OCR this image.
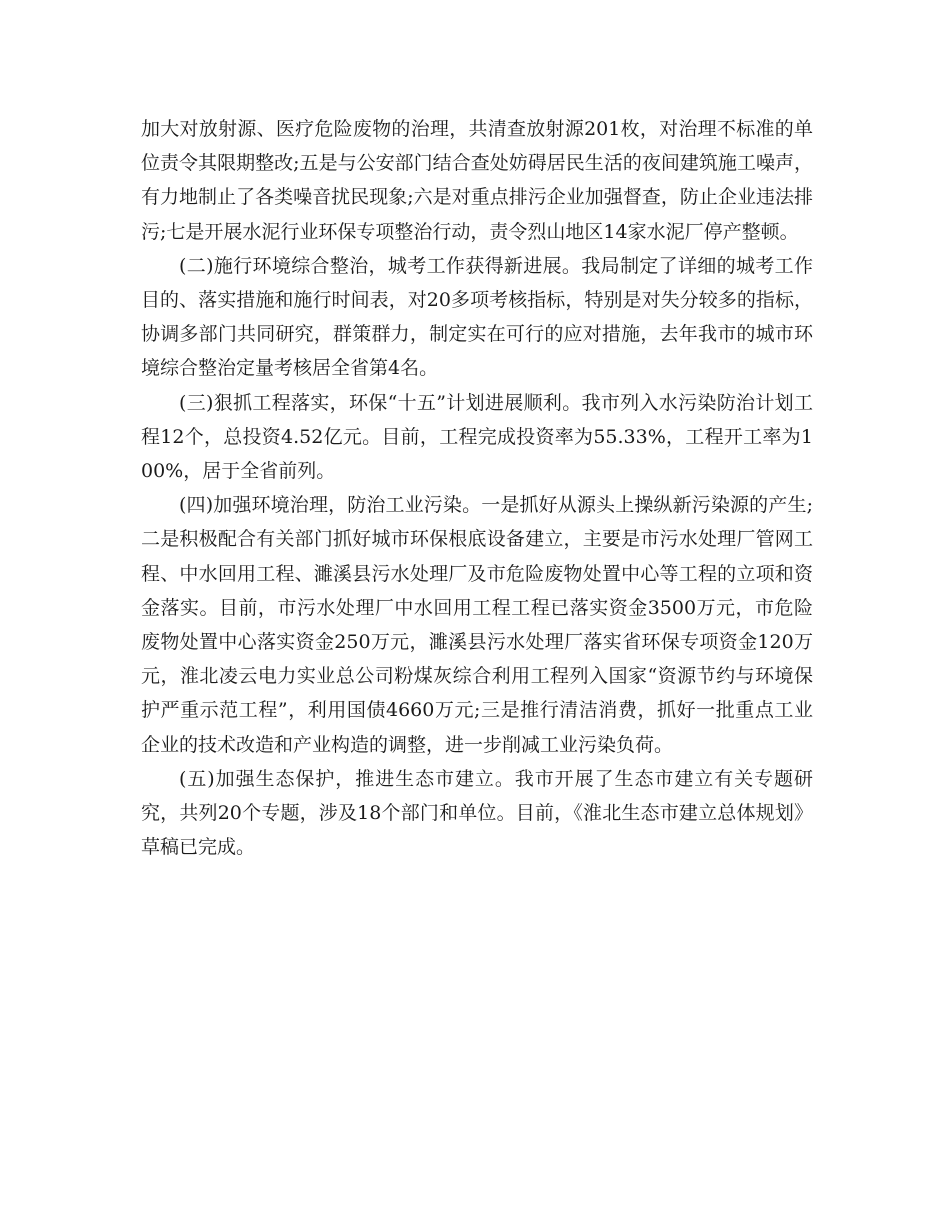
加大对放射源、医疗危险废物的治理，共清查放射源201枚，对治理不标准的单位责令其限期整改;五是与公安部门结合查处妨碍居民生活的夜间建筑施工噪声，有力地制止了各类噪音扰民现象;六是对重点排污企业加强督查，防止企业违法排污;七是开展水泥行业环保专项整治行动，责令烈山地区14家水泥厂停产整顿。

(二)施行环境综合整治，城考工作获得新进展。我局制定了详细的城考工作目的、落实措施和施行时间表，对20多项考核指标，特别是对失分较多的指标，协调多部门共同研究，群策群力，制定实在可行的应对措施，去年我市的城市环境综合整治定量考核居全省第4名。

(三)狠抓工程落实，环保“十五”计划进展顺利。我市列入水污染防治计划工程12个，总投资4.52亿元。目前，工程完成投资率为55.33%，工程开工率为100%，居于全省前列。

(四)加强环境治理，防治工业污染。一是抓好从源头上操纵新污染源的产生;二是积极配合有关部门抓好城市环保根底设备建立，主要是市污水处理厂管网工程、中水回用工程、濉溪县污水处理厂及市危险废物处置中心等工程的立项和资金落实。目前，市污水处理厂中水回用工程工程已落实资金3500万元，市危险废物处置中心落实资金250万元，濉溪县污水处理厂落实省环保专项资金120万元，淮北凌云电力实业总公司粉煤灰综合利用工程列入国家“资源节约与环境保护严重示范工程”，利用国债4660万元;三是推行清洁消费，抓好一批重点工业企业的技术改造和产业构造的调整，进一步削减工业污染负荷。

(五)加强生态保护，推进生态市建立。我市开展了生态市建立有关专题研究，共列20个专题，涉及18个部门和单位。目前，《淮北生态市建立总体规划》草稿已完成。
